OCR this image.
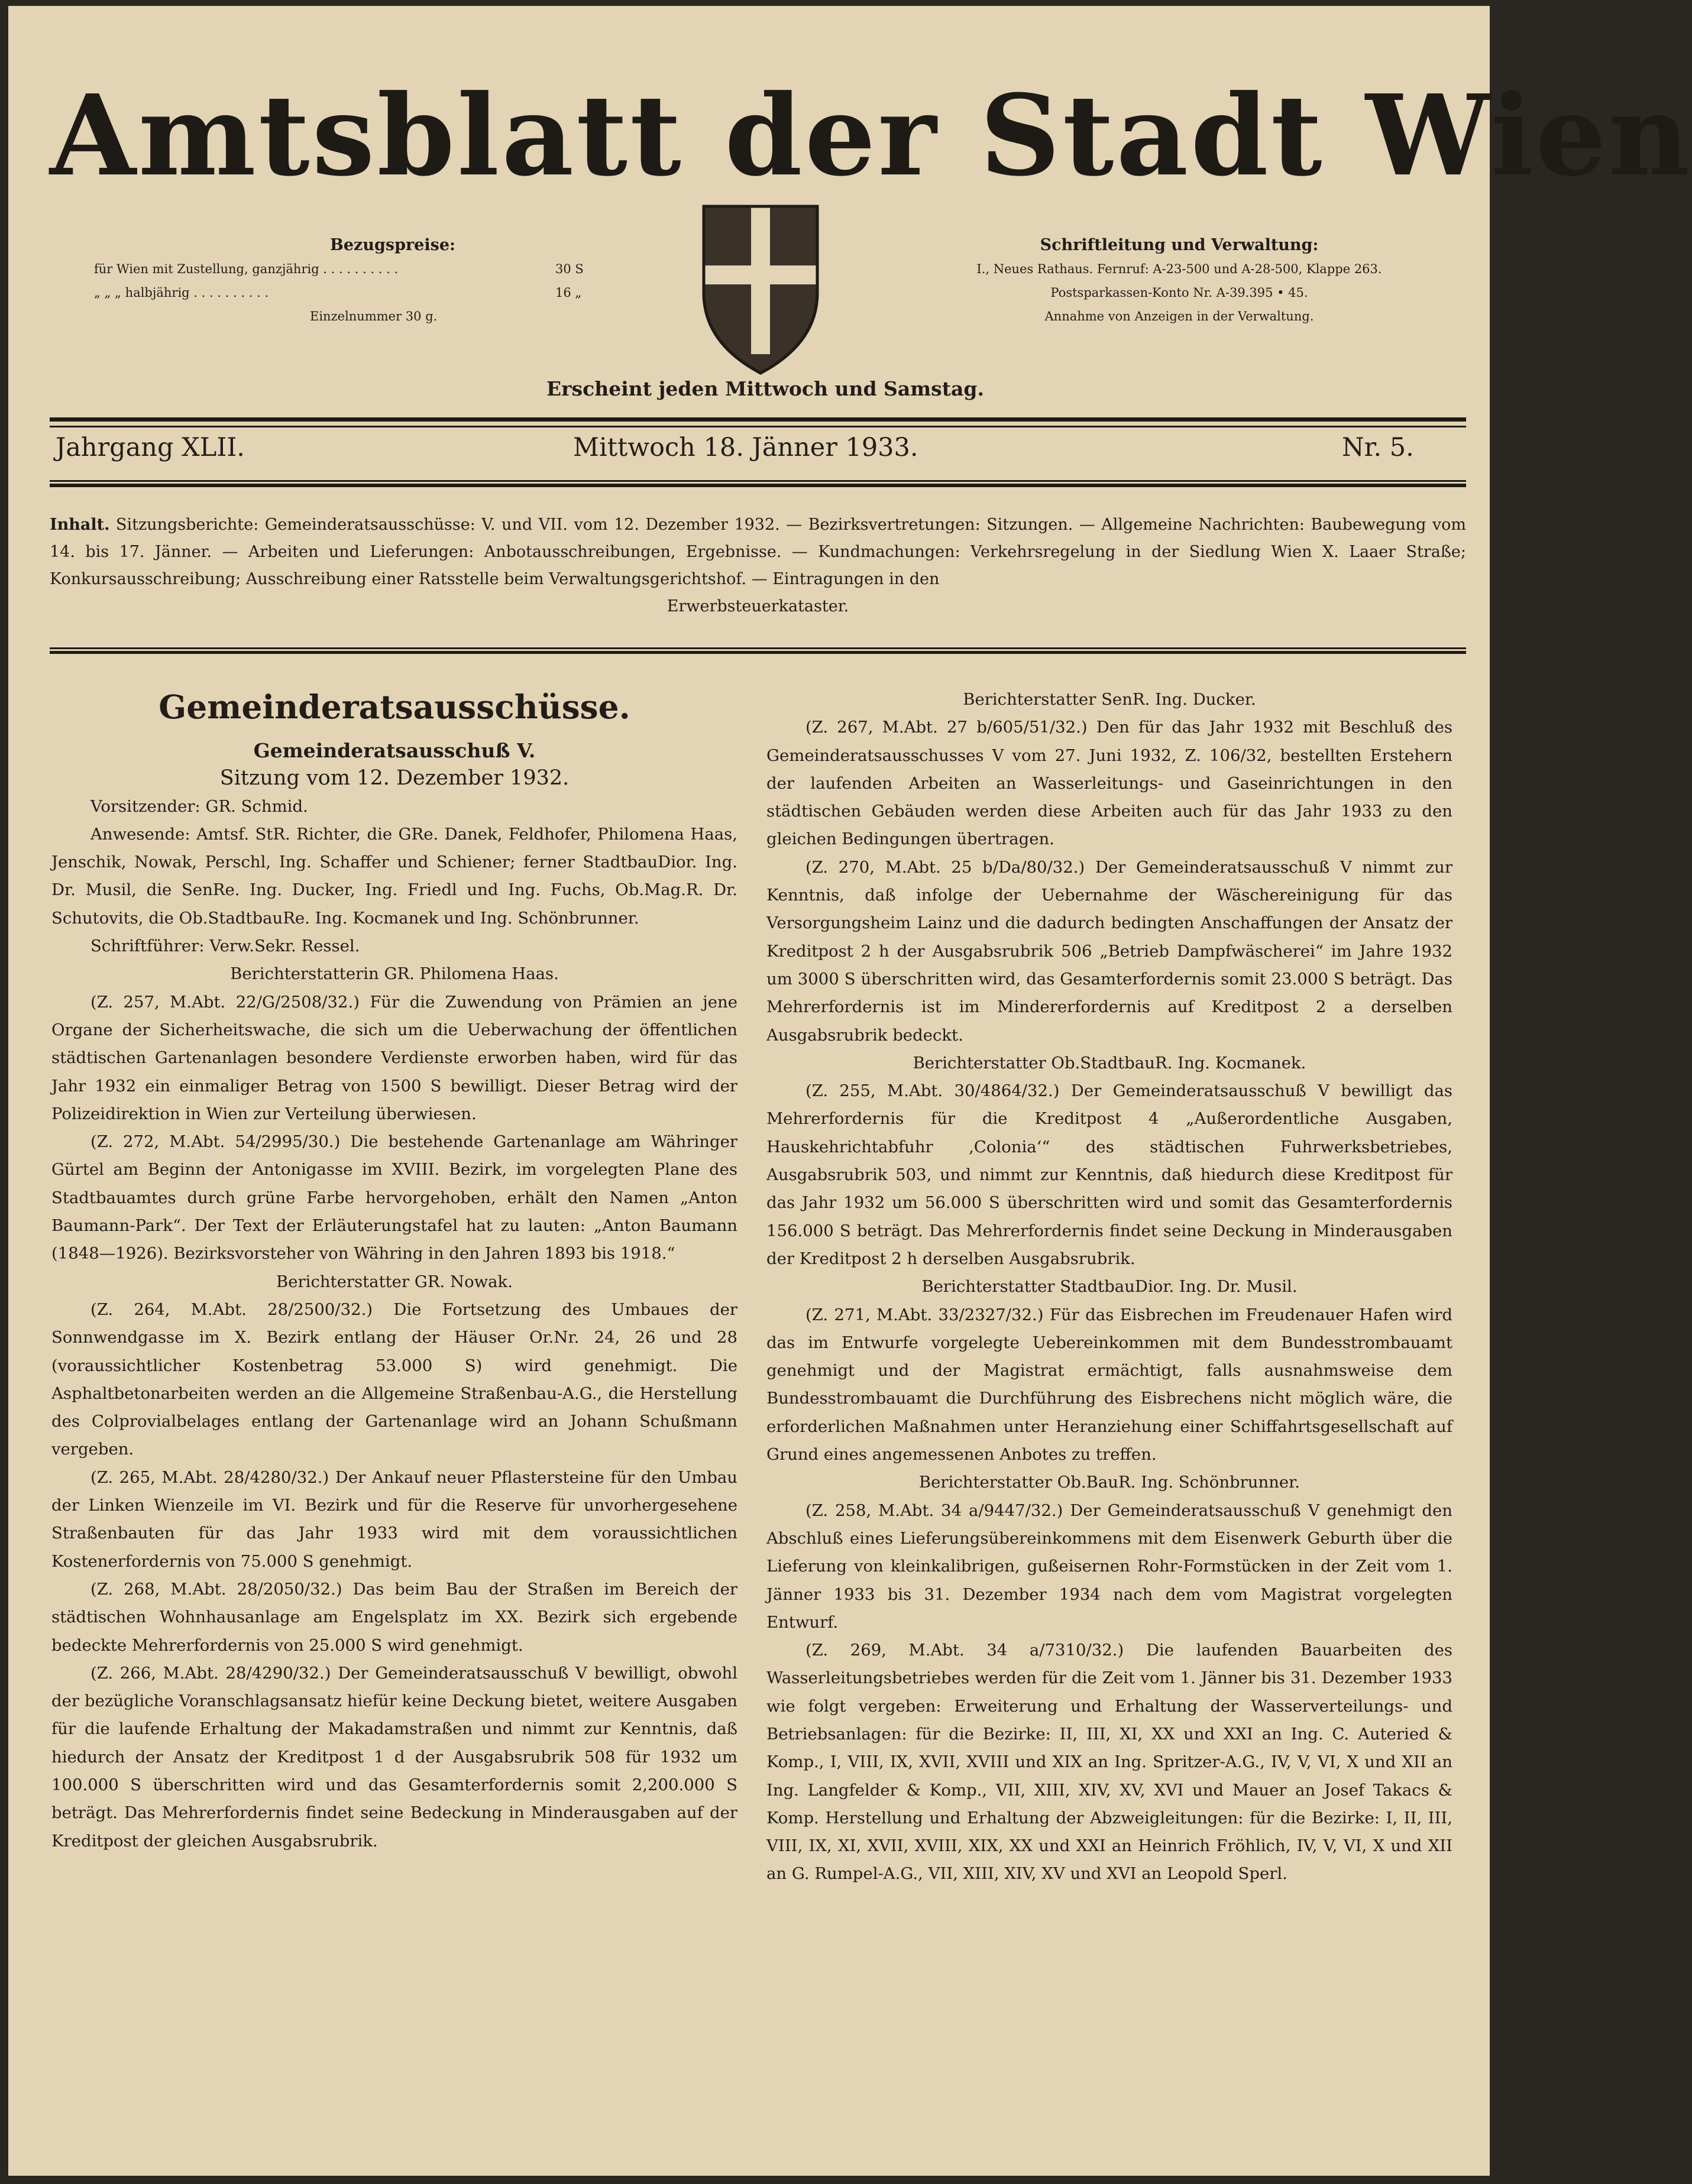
Amtsblatt der Stadt Wien
Bezugspreise:
für Wien mit Zustellung, ganzjährig . . . . . . . . . .	30 S
„ „ „ halbjährig . . . . . . . . . .	16 „
Einzelnummer 30 g.
Schriftleitung und Verwaltung:
I., Neues Rathaus. Fernruf: A-23-500 und A-28-500, Klappe 263.
Postsparkassen-Konto Nr. A-39.395 • 45.
Annahme von Anzeigen in der Verwaltung.
Erscheint jeden Mittwoch und Samstag.
Jahrgang XLII.	Mittwoch 18. Jänner 1933.	Nr. 5.
Inhalt. Sitzungsberichte: Gemeinderatsausschüsse: V. und VII. vom 12. Dezember 1932. — Bezirksvertretungen: Sitzungen. — Allgemeine Nachrichten: Baubewegung vom 14. bis 17. Jänner. — Arbeiten und Lieferungen: Anbotausschreibungen, Ergebnisse. — Kundmachungen: Verkehrsregelung in der Siedlung Wien X. Laaer Straße; Konkursausschreibung; Ausschreibung einer Ratsstelle beim Verwaltungsgerichtshof. — Eintragungen in den
Erwerbsteuerkataster.

Gemeinderatsausschüsse.

Gemeinderatsausschuß V.

Sitzung vom 12. Dezember 1932.

Vorsitzender: GR. Schmid.

Anwesende: Amtsf. StR. Richter, die GRe. Danek, Feldhofer, Philomena Haas, Jenschik, Nowak, Perschl, Ing. Schaffer und Schiener; ferner StadtbauDior. Ing. Dr. Musil, die SenRe. Ing. Ducker, Ing. Friedl und Ing. Fuchs, Ob.Mag.R. Dr. Schutovits, die Ob.StadtbauRe. Ing. Kocmanek und Ing. Schönbrunner.

Schriftführer: Verw.Sekr. Ressel.

Berichterstatterin GR. Philomena Haas.

(Z. 257, M.Abt. 22/G/2508/32.) Für die Zuwendung von Prämien an jene Organe der Sicherheitswache, die sich um die Ueberwachung der öffentlichen städtischen Gartenanlagen besondere Verdienste erworben haben, wird für das Jahr 1932 ein einmaliger Betrag von 1500 S bewilligt. Dieser Betrag wird der Polizeidirektion in Wien zur Verteilung überwiesen.

(Z. 272, M.Abt. 54/2995/30.) Die bestehende Gartenanlage am Währinger Gürtel am Beginn der Antonigasse im XVIII. Bezirk, im vorgelegten Plane des Stadtbauamtes durch grüne Farbe hervorgehoben, erhält den Namen „Anton Baumann-Park“. Der Text der Erläuterungstafel hat zu lauten: „Anton Baumann (1848—1926). Bezirksvorsteher von Währing in den Jahren 1893 bis 1918.“

Berichterstatter GR. Nowak.

(Z. 264, M.Abt. 28/2500/32.) Die Fortsetzung des Umbaues der Sonnwendgasse im X. Bezirk entlang der Häuser Or.Nr. 24, 26 und 28 (voraussichtlicher Kostenbetrag 53.000 S) wird genehmigt. Die Asphaltbetonarbeiten werden an die Allgemeine Straßenbau-A.G., die Herstellung des Colprovialbelages entlang der Gartenanlage wird an Johann Schußmann vergeben.

(Z. 265, M.Abt. 28/4280/32.) Der Ankauf neuer Pflastersteine für den Umbau der Linken Wienzeile im VI. Bezirk und für die Reserve für unvorhergesehene Straßenbauten für das Jahr 1933 wird mit dem voraussichtlichen Kostenerfordernis von 75.000 S genehmigt.

(Z. 268, M.Abt. 28/2050/32.) Das beim Bau der Straßen im Bereich der städtischen Wohnhausanlage am Engelsplatz im XX. Bezirk sich ergebende bedeckte Mehrerfordernis von 25.000 S wird genehmigt.

(Z. 266, M.Abt. 28/4290/32.) Der Gemeinderatsausschuß V bewilligt, obwohl der bezügliche Voranschlagsansatz hiefür keine Deckung bietet, weitere Ausgaben für die laufende Erhaltung der Makadamstraßen und nimmt zur Kenntnis, daß hiedurch der Ansatz der Kreditpost 1 d der Ausgabsrubrik 508 für 1932 um 100.000 S überschritten wird und das Gesamterfordernis somit 2,200.000 S beträgt. Das Mehrerfordernis findet seine Bedeckung in Minderausgaben auf der Kreditpost der gleichen Ausgabsrubrik.

Berichterstatter SenR. Ing. Ducker.

(Z. 267, M.Abt. 27 b/605/51/32.) Den für das Jahr 1932 mit Beschluß des Gemeinderatsausschusses V vom 27. Juni 1932, Z. 106/32, bestellten Erstehern der laufenden Arbeiten an Wasserleitungs- und Gaseinrichtungen in den städtischen Gebäuden werden diese Arbeiten auch für das Jahr 1933 zu den gleichen Bedingungen übertragen.

(Z. 270, M.Abt. 25 b/Da/80/32.) Der Gemeinderatsausschuß V nimmt zur Kenntnis, daß infolge der Uebernahme der Wäschereinigung für das Versorgungsheim Lainz und die dadurch bedingten Anschaffungen der Ansatz der Kreditpost 2 h der Ausgabsrubrik 506 „Betrieb Dampfwäscherei“ im Jahre 1932 um 3000 S überschritten wird, das Gesamterfordernis somit 23.000 S beträgt. Das Mehrerfordernis ist im Mindererfordernis auf Kreditpost 2 a derselben Ausgabsrubrik bedeckt.

Berichterstatter Ob.StadtbauR. Ing. Kocmanek.

(Z. 255, M.Abt. 30/4864/32.) Der Gemeinderatsausschuß V bewilligt das Mehrerfordernis für die Kreditpost 4 „Außerordentliche Ausgaben, Hauskehrichtabfuhr ‚Colonia‘“ des städtischen Fuhrwerksbetriebes, Ausgabsrubrik 503, und nimmt zur Kenntnis, daß hiedurch diese Kreditpost für das Jahr 1932 um 56.000 S überschritten wird und somit das Gesamterfordernis 156.000 S beträgt. Das Mehrerfordernis findet seine Deckung in Minderausgaben der Kreditpost 2 h derselben Ausgabsrubrik.

Berichterstatter StadtbauDior. Ing. Dr. Musil.

(Z. 271, M.Abt. 33/2327/32.) Für das Eisbrechen im Freudenauer Hafen wird das im Entwurfe vorgelegte Uebereinkommen mit dem Bundesstrombauamt genehmigt und der Magistrat ermächtigt, falls ausnahmsweise dem Bundesstrombauamt die Durchführung des Eisbrechens nicht möglich wäre, die erforderlichen Maßnahmen unter Heranziehung einer Schiffahrtsgesellschaft auf Grund eines angemessenen Anbotes zu treffen.

Berichterstatter Ob.BauR. Ing. Schönbrunner.

(Z. 258, M.Abt. 34 a/9447/32.) Der Gemeinderatsausschuß V genehmigt den Abschluß eines Lieferungsübereinkommens mit dem Eisenwerk Geburth über die Lieferung von kleinkalibrigen, gußeisernen Rohr-Formstücken in der Zeit vom 1. Jänner 1933 bis 31. Dezember 1934 nach dem vom Magistrat vorgelegten Entwurf.

(Z. 269, M.Abt. 34 a/7310/32.) Die laufenden Bauarbeiten des Wasserleitungsbetriebes werden für die Zeit vom 1. Jänner bis 31. Dezember 1933 wie folgt vergeben: Erweiterung und Erhaltung der Wasserverteilungs- und Betriebsanlagen: für die Bezirke: II, III, XI, XX und XXI an Ing. C. Auteried & Komp., I, VIII, IX, XVII, XVIII und XIX an Ing. Spritzer-A.G., IV, V, VI, X und XII an Ing. Langfelder & Komp., VII, XIII, XIV, XV, XVI und Mauer an Josef Takacs & Komp. Herstellung und Erhaltung der Abzweigleitungen: für die Bezirke: I, II, III, VIII, IX, XI, XVII, XVIII, XIX, XX und XXI an Heinrich Fröhlich, IV, V, VI, X und XII an G. Rumpel-A.G., VII, XIII, XIV, XV und XVI an Leopold Sperl.
